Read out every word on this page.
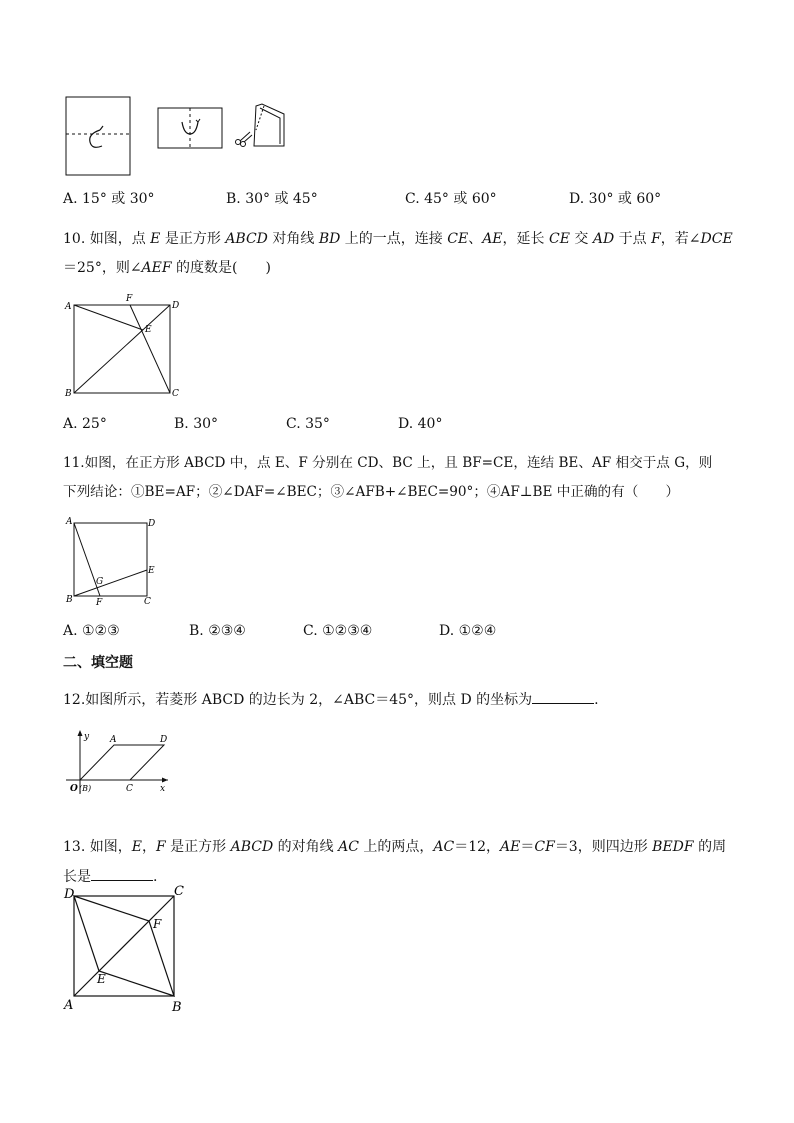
A. 15° 或 30°	B. 30° 或 45°	C. 45° 或 60°	D. 30° 或 60°
10. 如图，点 E 是正方形 ABCD 对角线 BD 上的一点，连接 CE、AE，延长 CE 交 AD 于点 F，若∠DCE
＝25°，则∠AEF 的度数是(　　)
A	D
F
E
B	C
A. 25°	B. 30°	C. 35°	D. 40°
11.如图，在正方形 ABCD 中，点 E、F 分别在 CD、BC 上，且 BF=CE，连结 BE、AF 相交于点 G，则
下列结论：①BE=AF；②∠DAF=∠BEC；③∠AFB+∠BEC=90°；④AF⊥BE 中正确的有（　　）
A	D
E
G
B	F	C
A. ①②③	B. ②③④	C. ①②③④	D. ①②④
二、填空题
12.如图所示，若菱形 ABCD 的边长为 2，∠ABC＝45°，则点 D 的坐标为	.
y A	D
O (B)	C	x
13. 如图，E，F 是正方形 ABCD 的对角线 AC 上的两点，AC＝12，AE＝CF＝3，则四边形 BEDF 的周
长是	.
D	C
F
E
A	B
